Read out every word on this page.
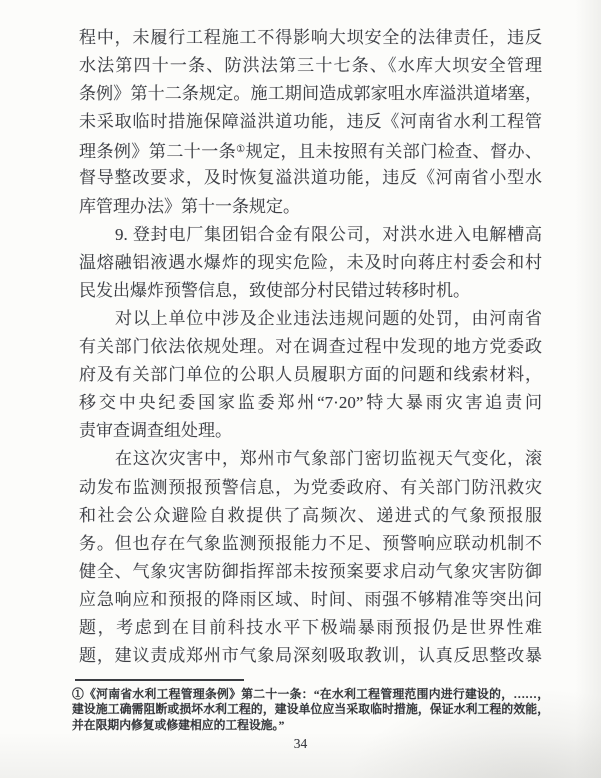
程中，未履行工程施工不得影响大坝安全的法律责任，违反
水法第四十一条、防洪法第三十七条、《水库大坝安全管理
条例》第十二条规定。施工期间造成郭家咀水库溢洪道堵塞，
未采取临时措施保障溢洪道功能，违反《河南省水利工程管
理条例》第二十一条①规定，且未按照有关部门检查、督办、
督导整改要求，及时恢复溢洪道功能，违反《河南省小型水
库管理办法》第十一条规定。
9. 登封电厂集团铝合金有限公司，对洪水进入电解槽高
温熔融铝液遇水爆炸的现实危险，未及时向蒋庄村委会和村
民发出爆炸预警信息，致使部分村民错过转移时机。
对以上单位中涉及企业违法违规问题的处罚，由河南省
有关部门依法依规处理。对在调查过程中发现的地方党委政
府及有关部门单位的公职人员履职方面的问题和线索材料，
移交中央纪委国家监委郑州“7·20”特大暴雨灾害追责问
责审查调查组处理。
在这次灾害中，郑州市气象部门密切监视天气变化，滚
动发布监测预报预警信息，为党委政府、有关部门防汛救灾
和社会公众避险自救提供了高频次、递进式的气象预报服
务。但也存在气象监测预报能力不足、预警响应联动机制不
健全、气象灾害防御指挥部未按预案要求启动气象灾害防御
应急响应和预报的降雨区域、时间、雨强不够精准等突出问
题，考虑到在目前科技水平下极端暴雨预报仍是世界性难
题，建议责成郑州市气象局深刻吸取教训，认真反思整改暴
①《河南省水利工程管理条例》第二十一条：“在水利工程管理范围内进行建设的，……，
建设施工确需阻断或损坏水利工程的，建设单位应当采取临时措施，保证水利工程的效能，
并在限期内修复或修建相应的工程设施。”
34
